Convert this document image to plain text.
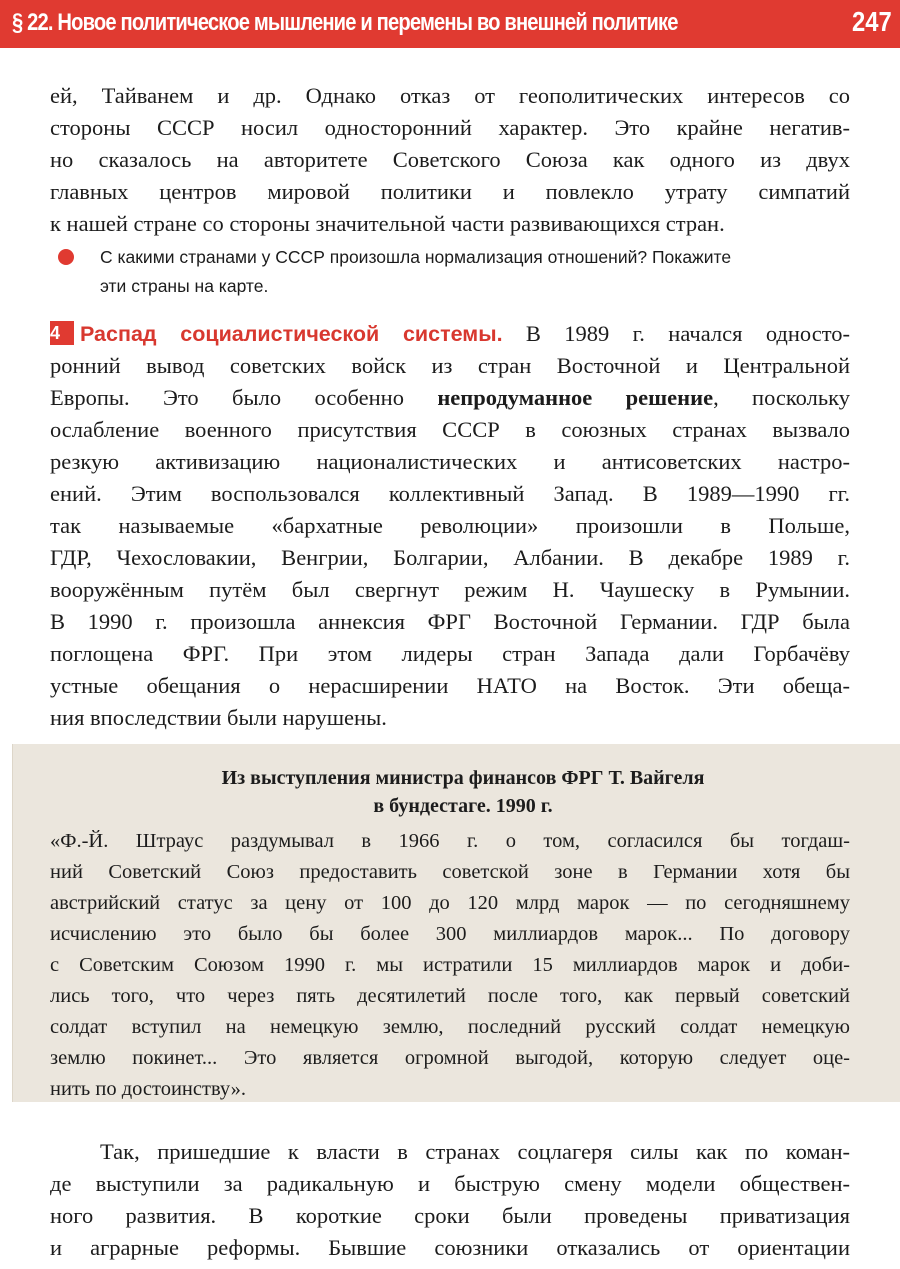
§ 22. Новое политическое мышление и перемены во внешней политике	247
ей, Тайванем и др. Однако отказ от геополитических интересов со
стороны СССР носил односторонний характер. Это крайне негатив-
но сказалось на авторитете Советского Союза как одного из двух
главных центров мировой политики и повлекло утрату симпатий
к нашей стране со стороны значительной части развивающихся стран.
С какими странами у СССР произошла нормализация отношений? Покажите
эти страны на карте.
4 Распад социалистической системы. В 1989 г. начался односто-
ронний вывод советских войск из стран Восточной и Центральной
Европы. Это было особенно непродуманное решение, поскольку
ослабление военного присутствия СССР в союзных странах вызвало
резкую активизацию националистических и антисоветских настро-
ений. Этим воспользовался коллективный Запад. В 1989—1990 гг.
так называемые «бархатные революции» произошли в Польше,
ГДР, Чехословакии, Венгрии, Болгарии, Албании. В декабре 1989 г.
вооружённым путём был свергнут режим Н. Чаушеску в Румынии.
В 1990 г. произошла аннексия ФРГ Восточной Германии. ГДР была
поглощена ФРГ. При этом лидеры стран Запада дали Горбачёву
устные обещания о нерасширении НАТО на Восток. Эти обеща-
ния впоследствии были нарушены.
Из выступления министра финансов ФРГ Т. Вайгеля
в бундестаге. 1990 г.
«Ф.-Й. Штраус раздумывал в 1966 г. о том, согласился бы тогдаш-
ний Советский Союз предоставить советской зоне в Германии хотя бы
австрийский статус за цену от 100 до 120 млрд марок — по сегодняшнему
исчислению это было бы более 300 миллиардов марок... По договору
с Советским Союзом 1990 г. мы истратили 15 миллиардов марок и доби-
лись того, что через пять десятилетий после того, как первый советский
солдат вступил на немецкую землю, последний русский солдат немецкую
землю покинет... Это является огромной выгодой, которую следует оце-
нить по достоинству».
Так, пришедшие к власти в странах соцлагеря силы как по коман-
де выступили за радикальную и быструю смену модели обществен-
ного развития. В короткие сроки были проведены приватизация
и аграрные реформы. Бывшие союзники отказались от ориентации
